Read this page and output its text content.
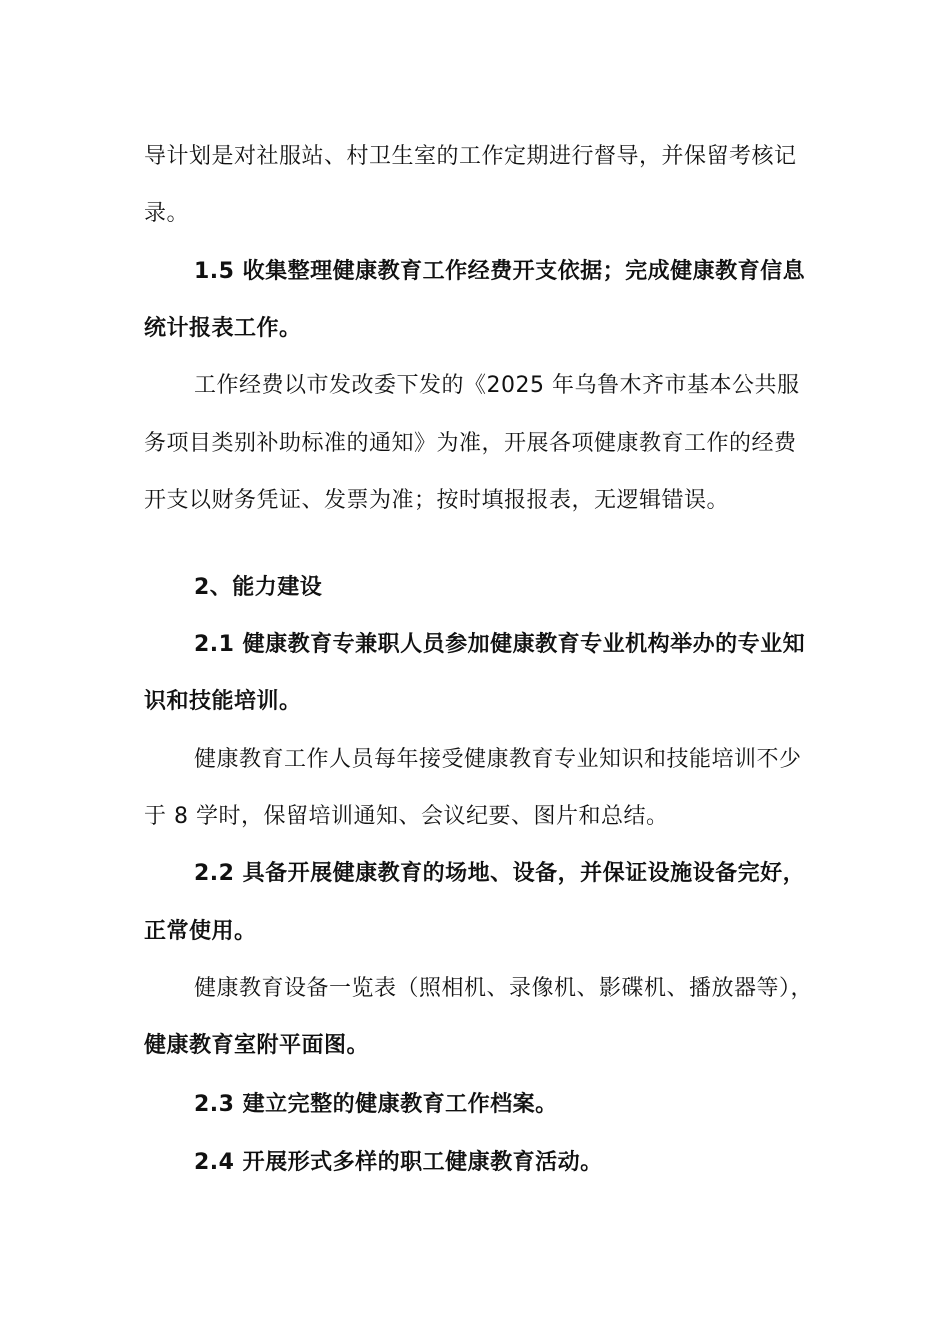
导计划是对社服站、村卫生室的工作定期进行督导，并保留考核记
录。
1.5 收集整理健康教育工作经费开支依据；完成健康教育信息
统计报表工作。
工作经费以市发改委下发的《2025 年乌鲁木齐市基本公共服
务项目类别补助标准的通知》为准，开展各项健康教育工作的经费
开支以财务凭证、发票为准；按时填报报表，无逻辑错误。
2、能力建设
2.1 健康教育专兼职人员参加健康教育专业机构举办的专业知
识和技能培训。
健康教育工作人员每年接受健康教育专业知识和技能培训不少
于 8 学时，保留培训通知、会议纪要、图片和总结。
2.2 具备开展健康教育的场地、设备，并保证设施设备完好，
正常使用。
健康教育设备一览表（照相机、录像机、影碟机、播放器等），
健康教育室附平面图。
2.3 建立完整的健康教育工作档案。
2.4 开展形式多样的职工健康教育活动。
